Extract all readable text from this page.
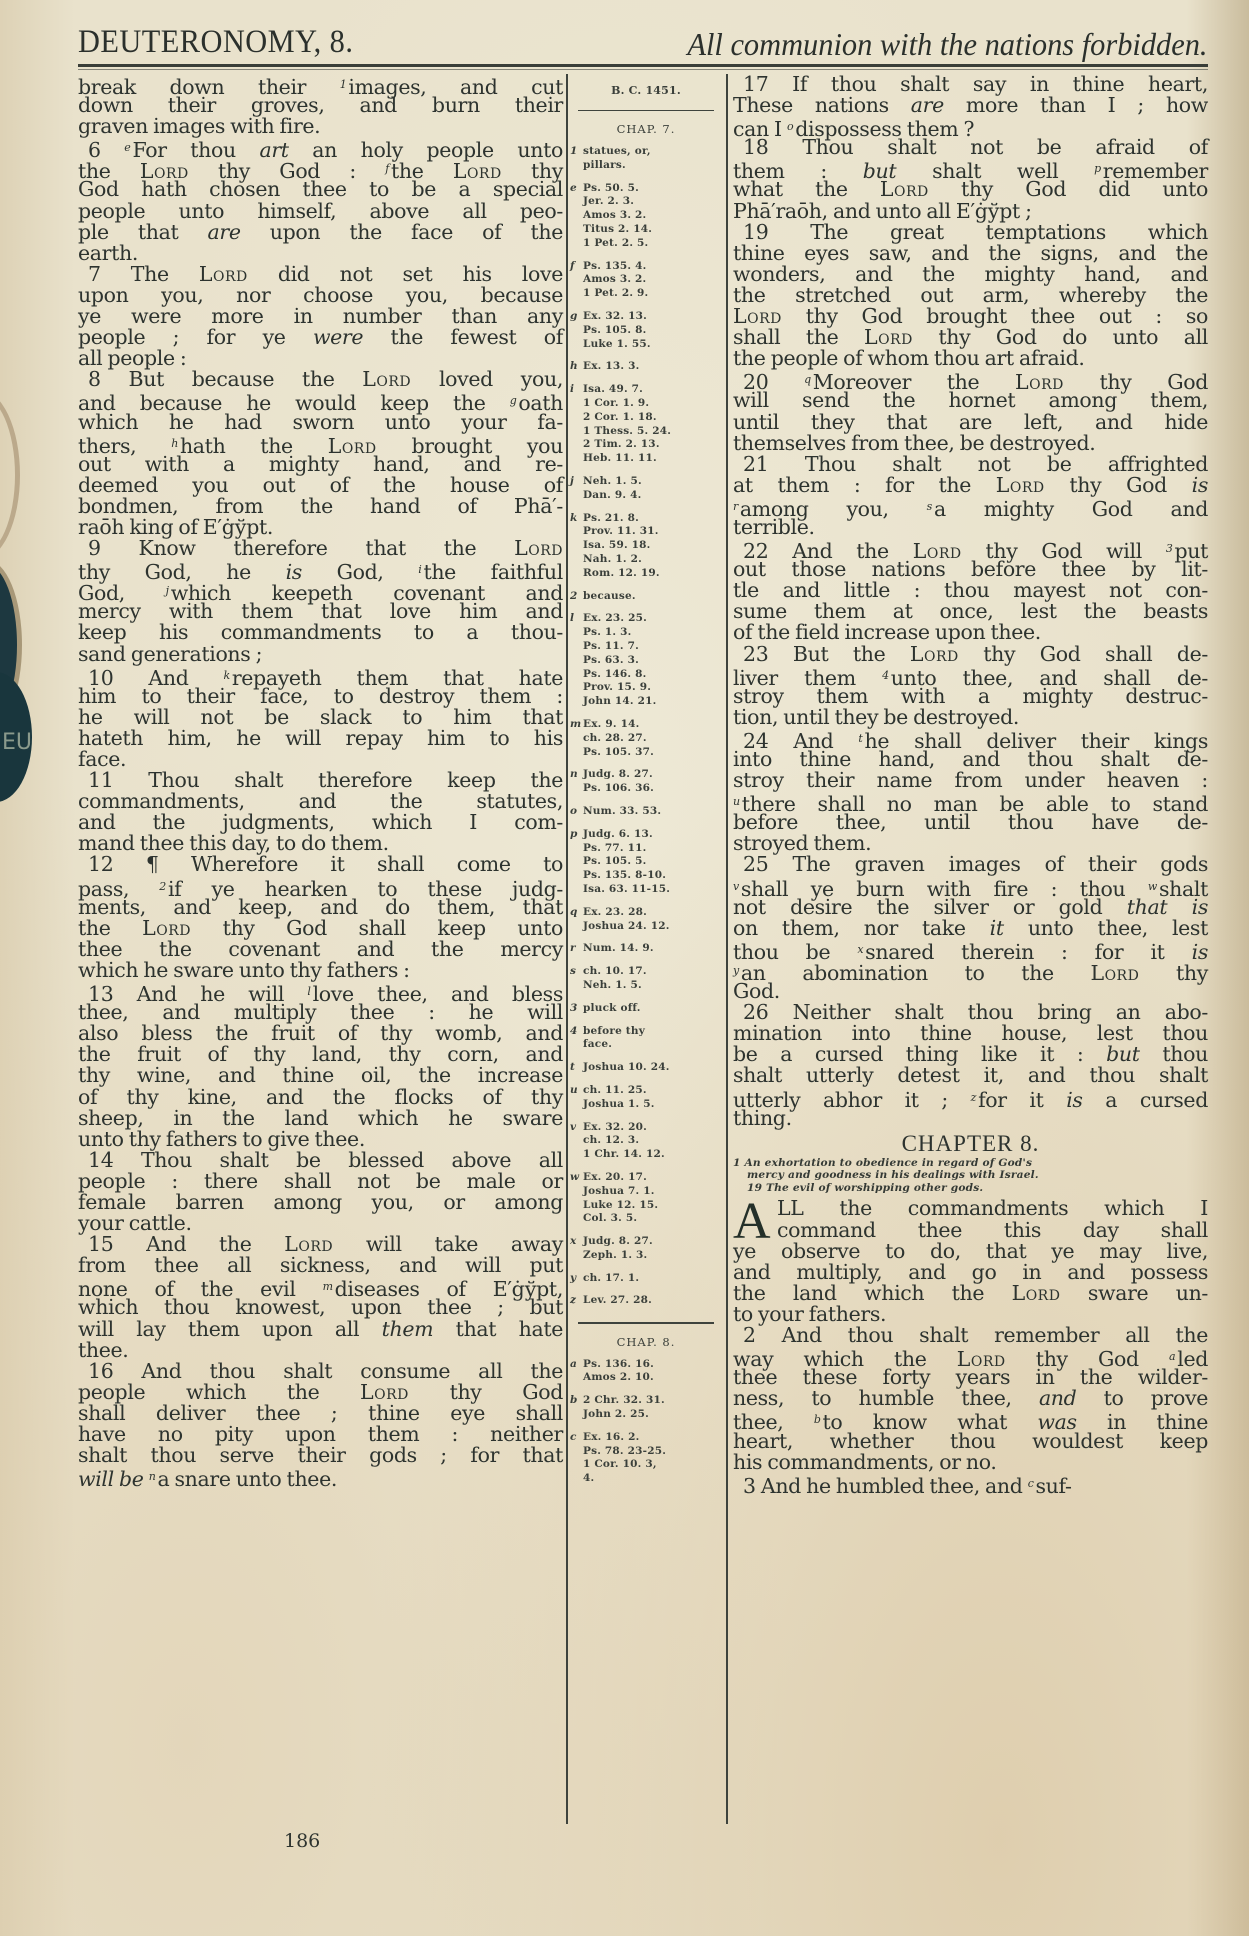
EU
DEUTERONOMY, 8.	All communion with the nations forbidden.
break down their $^1$images, and cut
down their groves, and burn their
graven images with fire.
6 $^e$For thou art an holy people unto
the Lord thy God : $^f$the Lord thy
God hath chosen thee to be a special
people unto himself, above all peo-
ple that are upon the face of the
earth.
7 The Lord did not set his love
upon you, nor choose you, because
ye were more in number than any
people ; for ye were the fewest of
all people :
8 But because the Lord loved you,
and because he would keep the $^g$oath
which he had sworn unto your fa-
thers, $^h$hath the Lord brought you
out with a mighty hand, and re-
deemed you out of the house of
bondmen, from the hand of Phā′-
raōh king of E′ġўpt.
9 Know therefore that the Lord
thy God, he is God, $^i$the faithful
God, $^j$which keepeth covenant and
mercy with them that love him and
keep his commandments to a thou-
sand generations ;
10 And $^k$repayeth them that hate
him to their face, to destroy them :
he will not be slack to him that
hateth him, he will repay him to his
face.
11 Thou shalt therefore keep the
commandments, and the statutes,
and the judgments, which I com-
mand thee this day, to do them.
12 ¶ Wherefore it shall come to
pass, $^2$if ye hearken to these judg-
ments, and keep, and do them, that
the Lord thy God shall keep unto
thee the covenant and the mercy
which he sware unto thy fathers :
13 And he will $^l$love thee, and bless
thee, and multiply thee : he will
also bless the fruit of thy womb, and
the fruit of thy land, thy corn, and
thy wine, and thine oil, the increase
of thy kine, and the flocks of thy
sheep, in the land which he sware
unto thy fathers to give thee.
14 Thou shalt be blessed above all
people : there shall not be male or
female barren among you, or among
your cattle.
15 And the Lord will take away
from thee all sickness, and will put
none of the evil $^m$diseases of E′ġўpt,
which thou knowest, upon thee ; but
will lay them upon all them that hate
thee.
16 And thou shalt consume all the
people which the Lord thy God
shall deliver thee ; thine eye shall
have no pity upon them : neither
shalt thou serve their gods ; for that
will be $^n$a snare unto thee.
B. C. 1451.
CHAP. 7.
1 statues, or,
pillars.
e Ps. 50. 5.
Jer. 2. 3.
Amos 3. 2.
Titus 2. 14.
1 Pet. 2. 5.
f Ps. 135. 4.
Amos 3. 2.
1 Pet. 2. 9.
g Ex. 32. 13.
Ps. 105. 8.
Luke 1. 55.
h Ex. 13. 3.
i Isa. 49. 7.
1 Cor. 1. 9.
2 Cor. 1. 18.
1 Thess. 5. 24.
2 Tim. 2. 13.
Heb. 11. 11.
j Neh. 1. 5.
Dan. 9. 4.
k Ps. 21. 8.
Prov. 11. 31.
Isa. 59. 18.
Nah. 1. 2.
Rom. 12. 19.
2 because.
l Ex. 23. 25.
Ps. 1. 3.
Ps. 11. 7.
Ps. 63. 3.
Ps. 146. 8.
Prov. 15. 9.
John 14. 21.
m Ex. 9. 14.
ch. 28. 27.
Ps. 105. 37.
n Judg. 8. 27.
Ps. 106. 36.
o Num. 33. 53.
p Judg. 6. 13.
Ps. 77. 11.
Ps. 105. 5.
Ps. 135. 8-10.
Isa. 63. 11-15.
q Ex. 23. 28.
Joshua 24. 12.
r Num. 14. 9.
s ch. 10. 17.
Neh. 1. 5.
3 pluck off.
4 before thy
face.
t Joshua 10. 24.
u ch. 11. 25.
Joshua 1. 5.
v Ex. 32. 20.
ch. 12. 3.
1 Chr. 14. 12.
w Ex. 20. 17.
Joshua 7. 1.
Luke 12. 15.
Col. 3. 5.
x Judg. 8. 27.
Zeph. 1. 3.
y ch. 17. 1.
z Lev. 27. 28.
CHAP. 8.
a Ps. 136. 16.
Amos 2. 10.
b 2 Chr. 32. 31.
John 2. 25.
c Ex. 16. 2.
Ps. 78. 23-25.
1 Cor. 10. 3,
4.
17 If thou shalt say in thine heart,
These nations are more than I ; how
can I $^o$dispossess them ?
18 Thou shalt not be afraid of
them : but shalt well $^p$remember
what the Lord thy God did unto
Phā′raōh, and unto all E′ġўpt ;
19 The great temptations which
thine eyes saw, and the signs, and the
wonders, and the mighty hand, and
the stretched out arm, whereby the
Lord thy God brought thee out : so
shall the Lord thy God do unto all
the people of whom thou art afraid.
20 $^q$Moreover the Lord thy God
will send the hornet among them,
until they that are left, and hide
themselves from thee, be destroyed.
21 Thou shalt not be affrighted
at them : for the Lord thy God is
$^r$among you, $^s$a mighty God and
terrible.
22 And the Lord thy God will $^3$put
out those nations before thee by lit-
tle and little : thou mayest not con-
sume them at once, lest the beasts
of the field increase upon thee.
23 But the Lord thy God shall de-
liver them $^4$unto thee, and shall de-
stroy them with a mighty destruc-
tion, until they be destroyed.
24 And $^t$he shall deliver their kings
into thine hand, and thou shalt de-
stroy their name from under heaven :
$^u$there shall no man be able to stand
before thee, until thou have de-
stroyed them.
25 The graven images of their gods
$^v$shall ye burn with fire : thou $^w$shalt
not desire the silver or gold that is
on them, nor take it unto thee, lest
thou be $^x$snared therein : for it is
$^y$an abomination to the Lord thy
God.
26 Neither shalt thou bring an abo-
mination into thine house, lest thou
be a cursed thing like it : but thou
shalt utterly detest it, and thou shalt
utterly abhor it ; $^z$for it is a cursed
thing.
CHAPTER 8.
1 An exhortation to obedience in regard of God's
mercy and goodness in his dealings with Israel.
19 The evil of worshipping other gods.
A LL the commandments which I
command thee this day shall
ye observe to do, that ye may live,
and multiply, and go in and possess
the land which the Lord sware un-
to your fathers.
2 And thou shalt remember all the
way which the Lord thy God $^a$led
thee these forty years in the wilder-
ness, to humble thee, and to prove
thee, $^b$to know what was in thine
heart, whether thou wouldest keep
his commandments, or no.
3 And he humbled thee, and $^c$suf-
186
